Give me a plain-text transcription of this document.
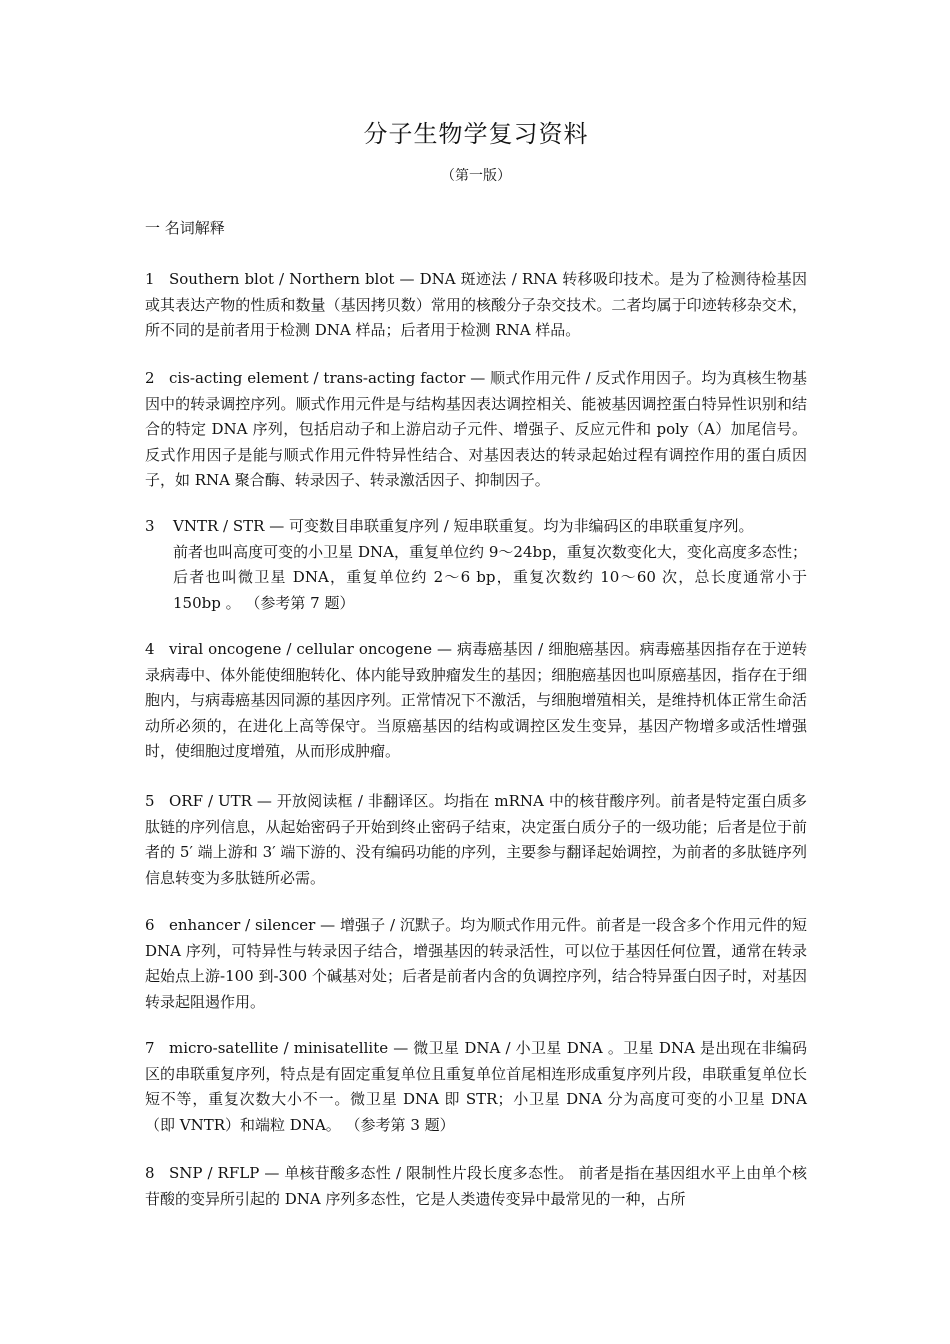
分子生物学复习资料
（第一版）
一 名词解释
1 Southern blot / Northern blot — DNA 斑迹法 / RNA 转移吸印技术。是为了检测待检基因或其表达产物的性质和数量（基因拷贝数）常用的核酸分子杂交技术。二者均属于印迹转移杂交术，所不同的是前者用于检测 DNA 样品；后者用于检测 RNA 样品。
2 cis-acting element / trans-acting factor — 顺式作用元件 / 反式作用因子。均为真核生物基因中的转录调控序列。顺式作用元件是与结构基因表达调控相关、能被基因调控蛋白特异性识别和结合的特定 DNA 序列，包括启动子和上游启动子元件、增强子、反应元件和 poly（A）加尾信号。反式作用因子是能与顺式作用元件特异性结合、对基因表达的转录起始过程有调控作用的蛋白质因子，如 RNA 聚合酶、转录因子、转录激活因子、抑制因子。
3 VNTR / STR — 可变数目串联重复序列 / 短串联重复。均为非编码区的串联重复序列。
前者也叫高度可变的小卫星 DNA，重复单位约 9～24bp，重复次数变化大，变化高度多态性；后者也叫微卫星 DNA，重复单位约 2～6 bp，重复次数约 10～60 次，总长度通常小于 150bp 。 （参考第 7 题）
4 viral oncogene / cellular oncogene — 病毒癌基因 / 细胞癌基因。病毒癌基因指存在于逆转录病毒中、体外能使细胞转化、体内能导致肿瘤发生的基因；细胞癌基因也叫原癌基因，指存在于细胞内，与病毒癌基因同源的基因序列。正常情况下不激活，与细胞增殖相关，是维持机体正常生命活动所必须的，在进化上高等保守。当原癌基因的结构或调控区发生变异，基因产物增多或活性增强时，使细胞过度增殖，从而形成肿瘤。
5 ORF / UTR — 开放阅读框 / 非翻译区。均指在 mRNA 中的核苷酸序列。前者是特定蛋白质多肽链的序列信息，从起始密码子开始到终止密码子结束，决定蛋白质分子的一级功能；后者是位于前者的 5′ 端上游和 3′ 端下游的、没有编码功能的序列，主要参与翻译起始调控，为前者的多肽链序列信息转变为多肽链所必需。
6 enhancer / silencer — 增强子 / 沉默子。均为顺式作用元件。前者是一段含多个作用元件的短 DNA 序列，可特异性与转录因子结合，增强基因的转录活性，可以位于基因任何位置，通常在转录起始点上游-100 到-300 个碱基对处；后者是前者内含的负调控序列，结合特异蛋白因子时，对基因转录起阻遏作用。
7 micro-satellite / minisatellite — 微卫星 DNA / 小卫星 DNA 。卫星 DNA 是出现在非编码区的串联重复序列，特点是有固定重复单位且重复单位首尾相连形成重复序列片段，串联重复单位长短不等，重复次数大小不一。微卫星 DNA 即 STR；小卫星 DNA 分为高度可变的小卫星 DNA（即 VNTR）和端粒 DNA。 （参考第 3 题）
8 SNP / RFLP — 单核苷酸多态性 / 限制性片段长度多态性。 前者是指在基因组水平上由单个核苷酸的变异所引起的 DNA 序列多态性，它是人类遗传变异中最常见的一种，占所
